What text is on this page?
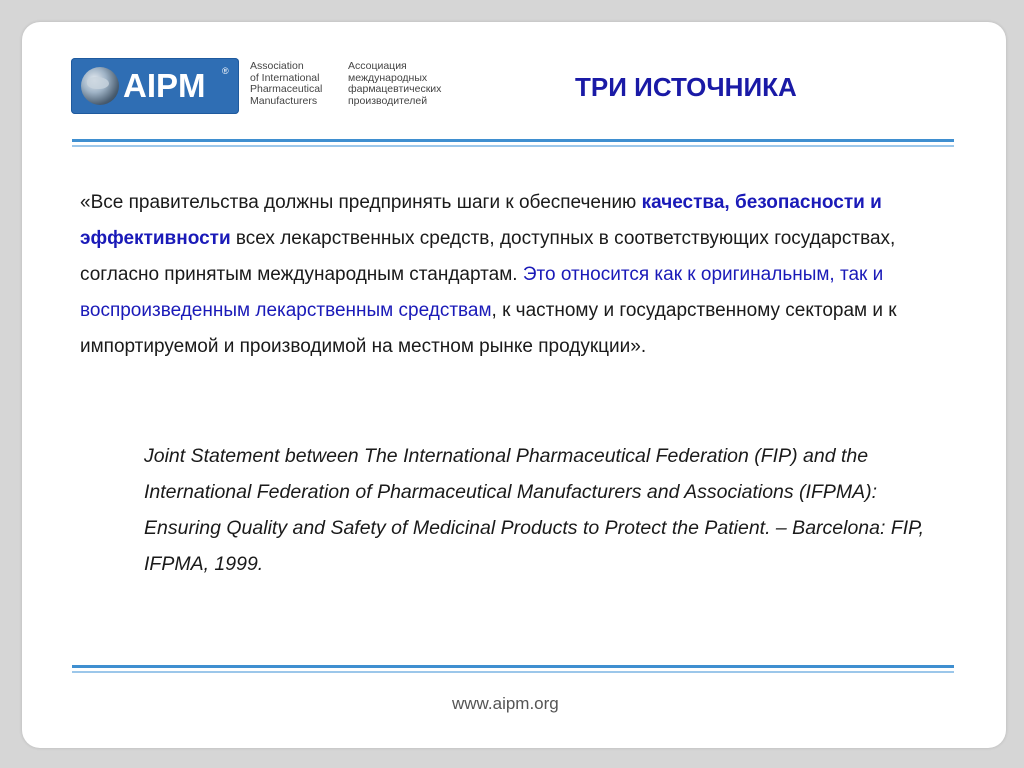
AIPM ® Association
of International
Pharmaceutical
Manufacturers
Ассоциация
международных
фармацевтических
производителей	ТРИ ИСТОЧНИКА
«Все правительства должны предпринять шаги к обеспечению качества, безопасности и эффективности всех лекарственных средств, доступных в соответствующих государствах, согласно принятым международным стандартам. Это относится как к оригинальным, так и воспроизведенным лекарственным средствам, к частному и государственному секторам и к импортируемой и производимой на местном рынке продукции».
Joint Statement between The International Pharmaceutical Federation (FIP) and the International Federation of Pharmaceutical Manufacturers and Associations (IFPMA): Ensuring Quality and Safety of Medicinal Products to Protect the Patient. – Barcelona: FIP, IFPMA, 1999.
www.aipm.org
